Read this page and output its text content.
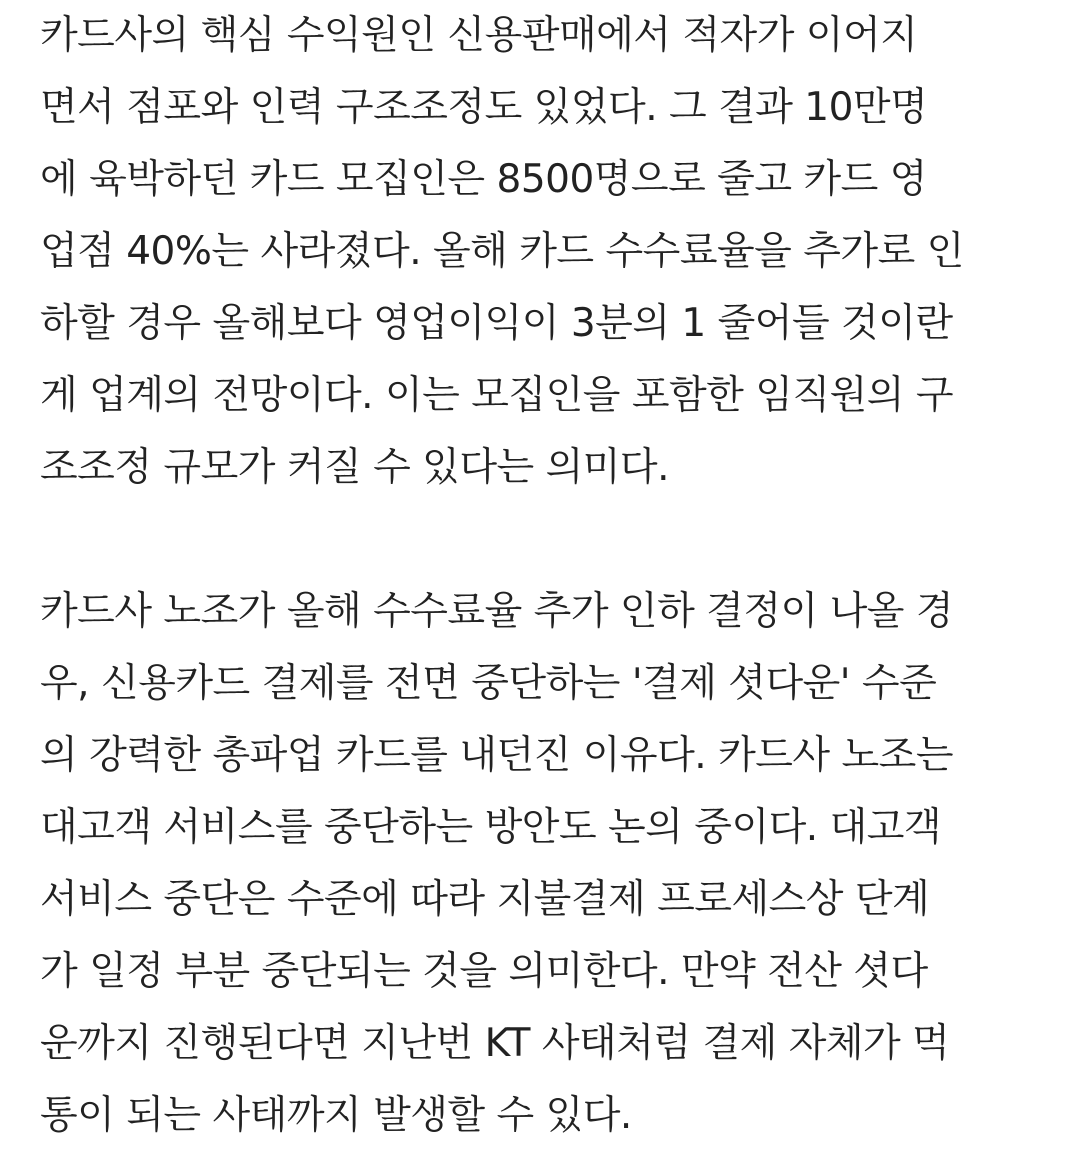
카드사의 핵심 수익원인 신용판매에서 적자가 이어지
면서 점포와 인력 구조조정도 있었다. 그 결과 10만명
에 육박하던 카드 모집인은 8500명으로 줄고 카드 영
업점 40%는 사라졌다. 올해 카드 수수료율을 추가로 인
하할 경우 올해보다 영업이익이 3분의 1 줄어들 것이란
게 업계의 전망이다. 이는 모집인을 포함한 임직원의 구
조조정 규모가 커질 수 있다는 의미다.

카드사 노조가 올해 수수료율 추가 인하 결정이 나올 경
우, 신용카드 결제를 전면 중단하는 '결제 셧다운' 수준
의 강력한 총파업 카드를 내던진 이유다. 카드사 노조는
대고객 서비스를 중단하는 방안도 논의 중이다. 대고객
서비스 중단은 수준에 따라 지불결제 프로세스상 단계
가 일정 부분 중단되는 것을 의미한다. 만약 전산 셧다
운까지 진행된다면 지난번 KT 사태처럼 결제 자체가 먹
통이 되는 사태까지 발생할 수 있다.
